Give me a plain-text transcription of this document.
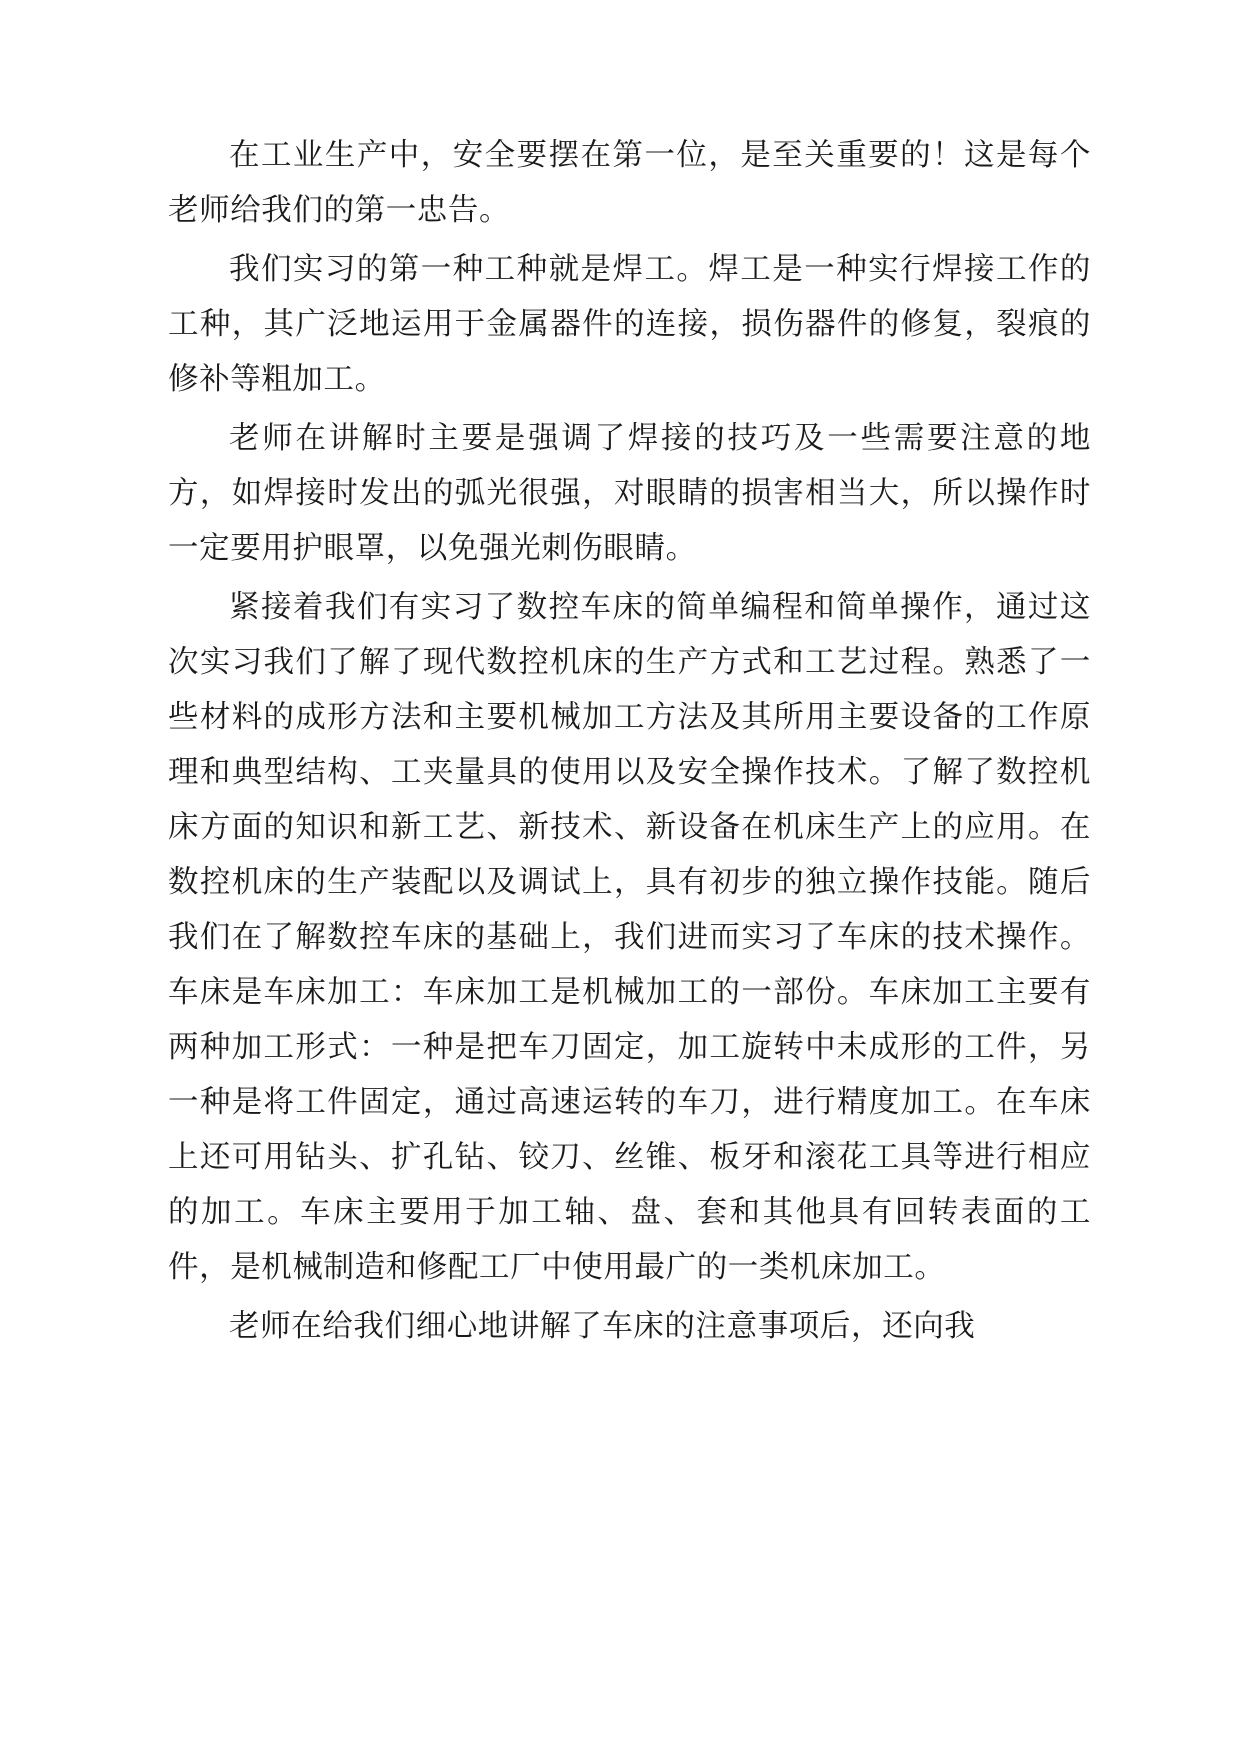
在工业生产中，安全要摆在第一位，是至关重要的！这是每个老师给我们的第一忠告。

我们实习的第一种工种就是焊工。焊工是一种实行焊接工作的工种，其广泛地运用于金属器件的连接，损伤器件的修复，裂痕的修补等粗加工。

老师在讲解时主要是强调了焊接的技巧及一些需要注意的地方，如焊接时发出的弧光很强，对眼睛的损害相当大，所以操作时一定要用护眼罩，以免强光刺伤眼睛。

紧接着我们有实习了数控车床的简单编程和简单操作，通过这次实习我们了解了现代数控机床的生产方式和工艺过程。熟悉了一些材料的成形方法和主要机械加工方法及其所用主要设备的工作原理和典型结构、工夹量具的使用以及安全操作技术。了解了数控机床方面的知识和新工艺、新技术、新设备在机床生产上的应用。在数控机床的生产装配以及调试上，具有初步的独立操作技能。随后我们在了解数控车床的基础上，我们进而实习了车床的技术操作。车床是车床加工：车床加工是机械加工的一部份。车床加工主要有两种加工形式：一种是把车刀固定，加工旋转中未成形的工件，另一种是将工件固定，通过高速运转的车刀，进行精度加工。在车床上还可用钻头、扩孔钻、铰刀、丝锥、板牙和滚花工具等进行相应的加工。车床主要用于加工轴、盘、套和其他具有回转表面的工件，是机械制造和修配工厂中使用最广的一类机床加工。

老师在给我们细心地讲解了车床的注意事项后，还向我
